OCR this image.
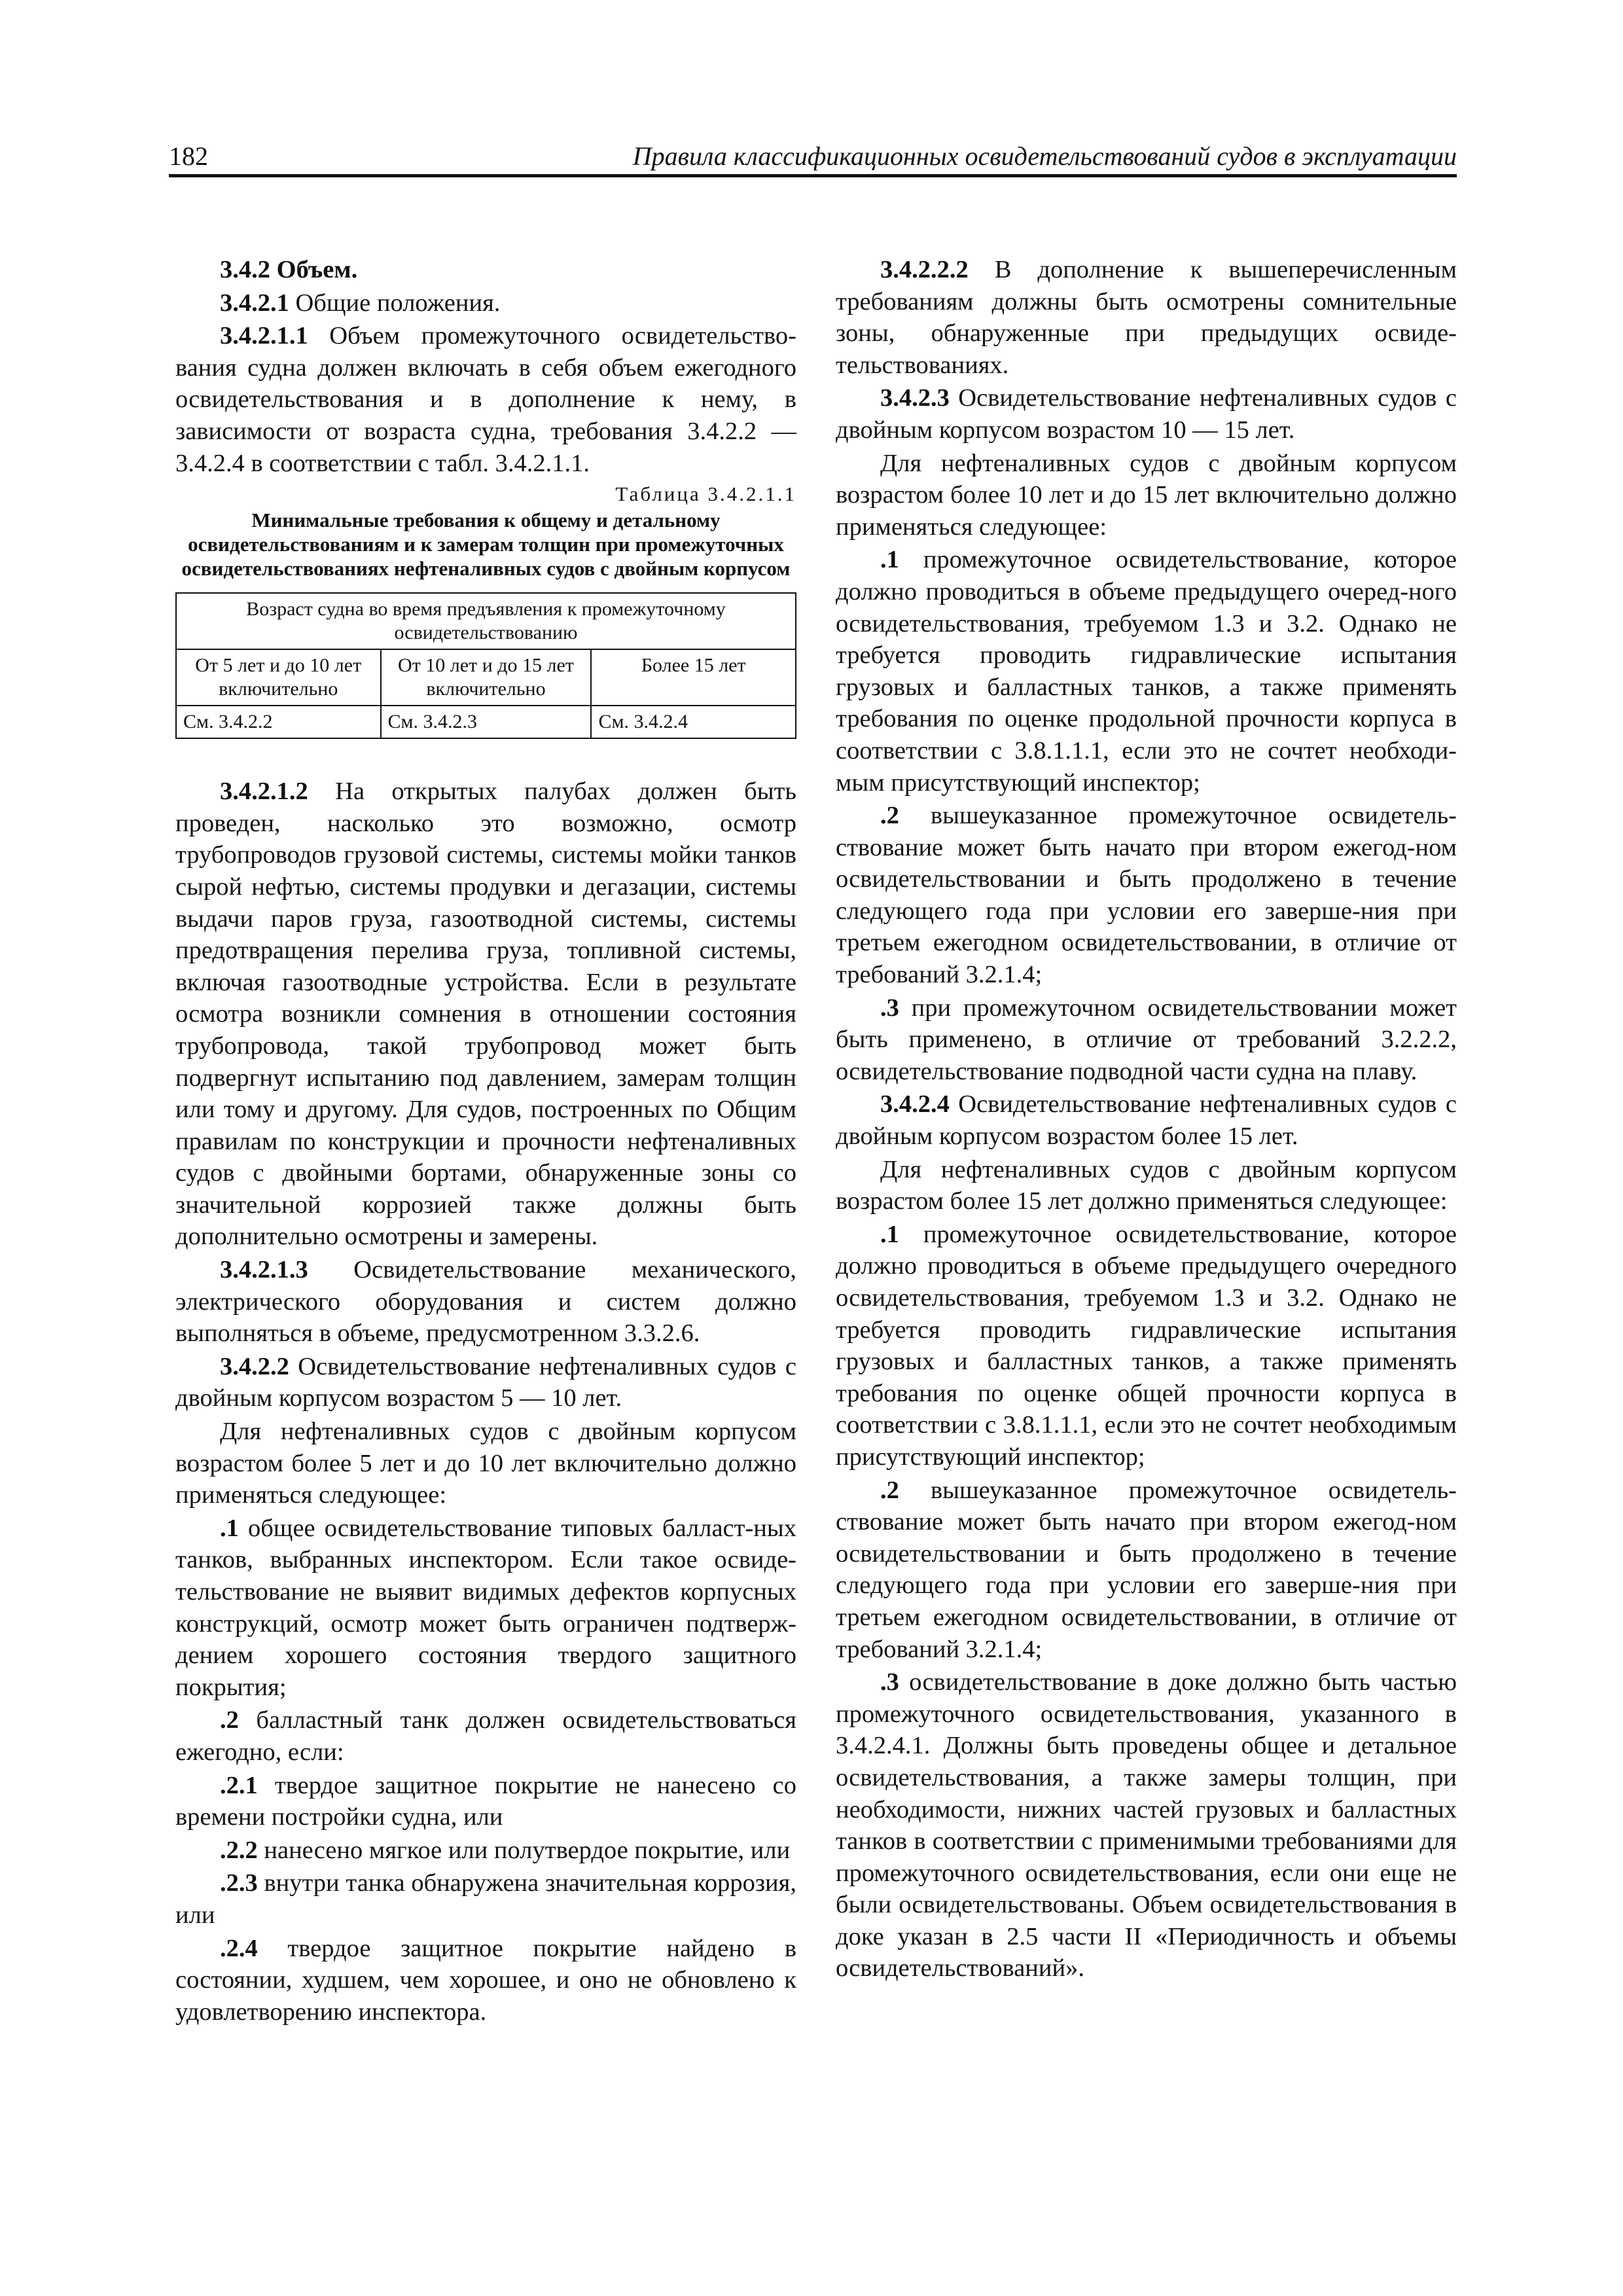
182	Правила классификационных освидетельствований судов в эксплуатации

3.4.2 Объем.

3.4.2.1 Общие положения.

3.4.2.1.1 Объем промежуточного освидетельство-вания судна должен включать в себя объем ежегодного освидетельствования и в дополнение к нему, в зависимости от возраста судна, требования 3.4.2.2 — 3.4.2.4 в соответствии с табл. 3.4.2.1.1.

Таблица 3.4.2.1.1
Минимальные требования к общему и детальному освидетельствованиям и к замерам толщин при промежуточных освидетельствованиях нефтеналивных судов с двойным корпусом
Возраст судна во время предъявления к промежуточному освидетельствованию		
От 5 лет и до 10 лет включительно	От 10 лет и до 15 лет включительно	Более 15 лет
См. 3.4.2.2	См. 3.4.2.3	См. 3.4.2.4

3.4.2.1.2 На открытых палубах должен быть проведен, насколько это возможно, осмотр трубопроводов грузовой системы, системы мойки танков сырой нефтью, системы продувки и дегазации, системы выдачи паров груза, газоотводной системы, системы предотвращения перелива груза, топливной системы, включая газоотводные устройства. Если в результате осмотра возникли сомнения в отношении состояния трубопровода, такой трубопровод может быть подвергнут испытанию под давлением, замерам толщин или тому и другому. Для судов, построенных по Общим правилам по конструкции и прочности нефтеналивных судов с двойными бортами, обнаруженные зоны со значительной коррозией также должны быть дополнительно осмотрены и замерены.

3.4.2.1.3 Освидетельствование механического, электрического оборудования и систем должно выполняться в объеме, предусмотренном 3.3.2.6.

3.4.2.2 Освидетельствование нефтеналивных судов с двойным корпусом возрастом 5 — 10 лет.

Для нефтеналивных судов с двойным корпусом возрастом более 5 лет и до 10 лет включительно должно применяться следующее:

.1 общее освидетельствование типовых балласт-ных танков, выбранных инспектором. Если такое освиде-тельствование не выявит видимых дефектов корпусных конструкций, осмотр может быть ограничен подтверж-дением хорошего состояния твердого защитного покрытия;

.2 балластный танк должен освидетельствоваться ежегодно, если:

.2.1 твердое защитное покрытие не нанесено со времени постройки судна, или

.2.2 нанесено мягкое или полутвердое покрытие, или

.2.3 внутри танка обнаружена значительная коррозия, или

.2.4 твердое защитное покрытие найдено в состоянии, худшем, чем хорошее, и оно не обновлено к удовлетворению инспектора.

3.4.2.2.2 В дополнение к вышеперечисленным требованиям должны быть осмотрены сомнительные зоны, обнаруженные при предыдущих освиде-тельствованиях.

3.4.2.3 Освидетельствование нефтеналивных судов с двойным корпусом возрастом 10 — 15 лет.

Для нефтеналивных судов с двойным корпусом возрастом более 10 лет и до 15 лет включительно должно применяться следующее:

.1 промежуточное освидетельствование, которое должно проводиться в объеме предыдущего очеред-ного освидетельствования, требуемом 1.3 и 3.2. Однако не требуется проводить гидравлические испытания грузовых и балластных танков, а также применять требования по оценке продольной прочности корпуса в соответствии с 3.8.1.1.1, если это не сочтет необходи-мым присутствующий инспектор;

.2 вышеуказанное промежуточное освидетель-ствование может быть начато при втором ежегод-ном освидетельствовании и быть продолжено в течение следующего года при условии его заверше-ния при третьем ежегодном освидетельствовании, в отличие от требований 3.2.1.4;

.3 при промежуточном освидетельствовании может быть применено, в отличие от требований 3.2.2.2, освидетельствование подводной части судна на плаву.

3.4.2.4 Освидетельствование нефтеналивных судов с двойным корпусом возрастом более 15 лет.

Для нефтеналивных судов с двойным корпусом возрастом более 15 лет должно применяться следующее:

.1 промежуточное освидетельствование, которое должно проводиться в объеме предыдущего очередного освидетельствования, требуемом 1.3 и 3.2. Однако не требуется проводить гидравлические испытания грузовых и балластных танков, а также применять требования по оценке общей прочности корпуса в соответствии с 3.8.1.1.1, если это не сочтет необходимым присутствующий инспектор;

.2 вышеуказанное промежуточное освидетель-ствование может быть начато при втором ежегод-ном освидетельствовании и быть продолжено в течение следующего года при условии его заверше-ния при третьем ежегодном освидетельствовании, в отличие от требований 3.2.1.4;

.3 освидетельствование в доке должно быть частью промежуточного освидетельствования, указанного в 3.4.2.4.1. Должны быть проведены общее и детальное освидетельствования, а также замеры толщин, при необходимости, нижних частей грузовых и балластных танков в соответствии с применимыми требованиями для промежуточного освидетельствования, если они еще не были освидетельствованы. Объем освидетельствования в доке указан в 2.5 части II «Периодичность и объемы освидетельствований».
